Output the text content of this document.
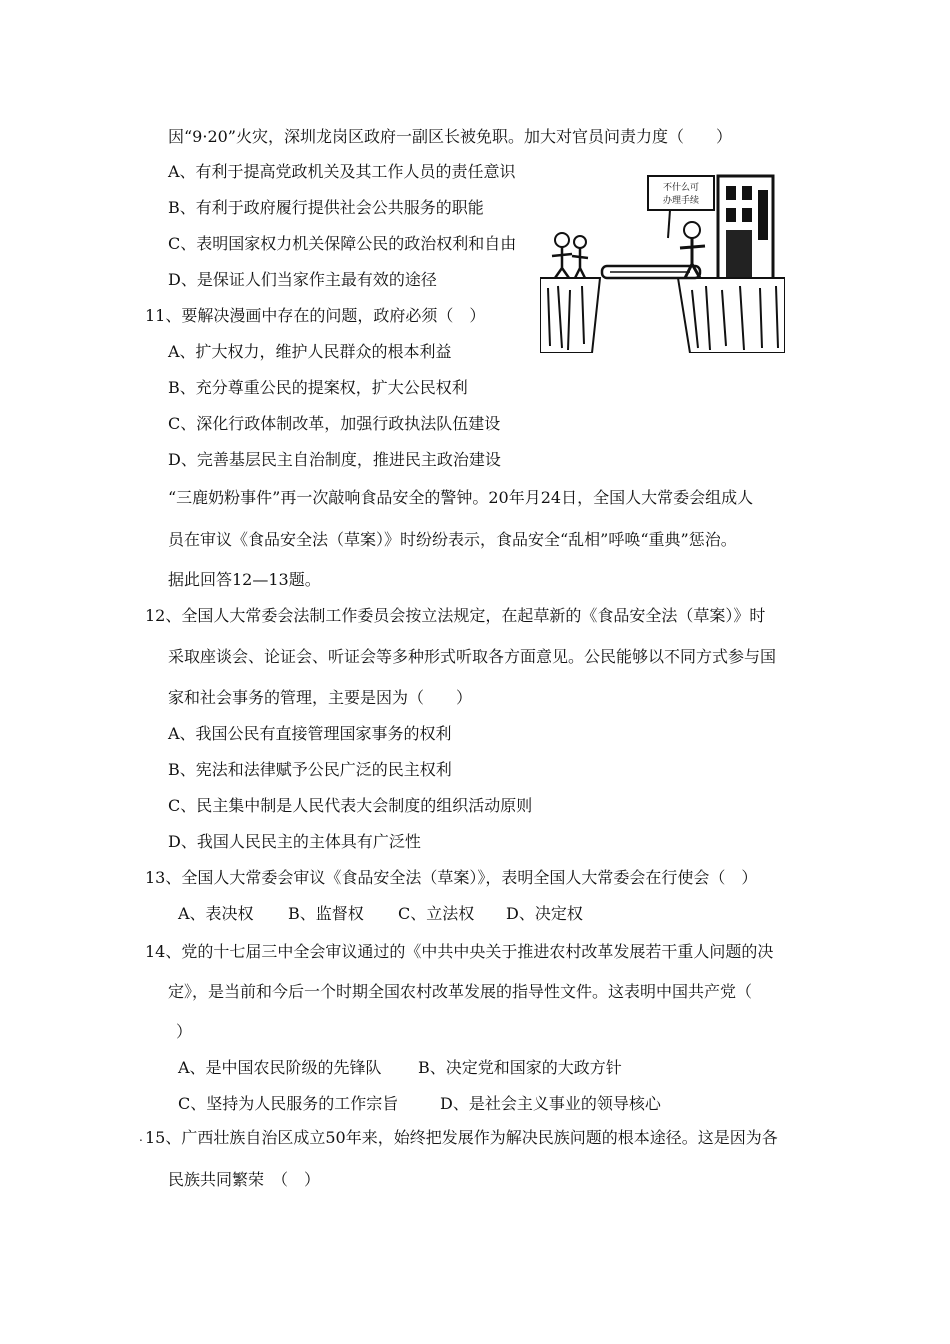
因“9·20”火灾，深圳龙岗区政府一副区长被免职。加大对官员问责力度（　　）
A、有利于提高党政机关及其工作人员的责任意识
B、有利于政府履行提供社会公共服务的职能
C、表明国家权力机关保障公民的政治权利和自由
D、是保证人们当家作主最有效的途径
不什么可
办理手续
11、要解决漫画中存在的问题，政府必须（　）
A、扩大权力，维护人民群众的根本利益
B、充分尊重公民的提案权，扩大公民权利
C、深化行政体制改革，加强行政执法队伍建设
D、完善基层民主自治制度，推进民主政治建设
“三鹿奶粉事件”再一次敲响食品安全的警钟。20年月24日，全国人大常委会组成人
员在审议《食品安全法（草案）》时纷纷表示，食品安全“乱相”呼唤“重典”惩治。
据此回答12—13题。
12、全国人大常委会法制工作委员会按立法规定，在起草新的《食品安全法（草案）》时
采取座谈会、论证会、听证会等多种形式听取各方面意见。公民能够以不同方式参与国
家和社会事务的管理，主要是因为（　　）
A、我国公民有直接管理国家事务的权利
B、宪法和法律赋予公民广泛的民主权利
C、民主集中制是人民代表大会制度的组织活动原则
D、我国人民民主的主体具有广泛性
13、全国人大常委会审议《食品安全法（草案）》，表明全国人大常委会在行使会（　）
A、表决权 B、监督权 C、立法权 D、决定权
14、党的十七届三中全会审议通过的《中共中央关于推进农村改革发展若干重人问题的决
定》，是当前和今后一个时期全国农村改革发展的指导性文件。这表明中国共产党（
）
A、是中国农民阶级的先锋队 B、决定党和国家的大政方针
C、坚持为人民服务的工作宗旨	D、是社会主义事业的领导核心
. 15、广西壮族自治区成立50年来，始终把发展作为解决民族问题的根本途径。这是因为各
民族共同繁荣　（　）
